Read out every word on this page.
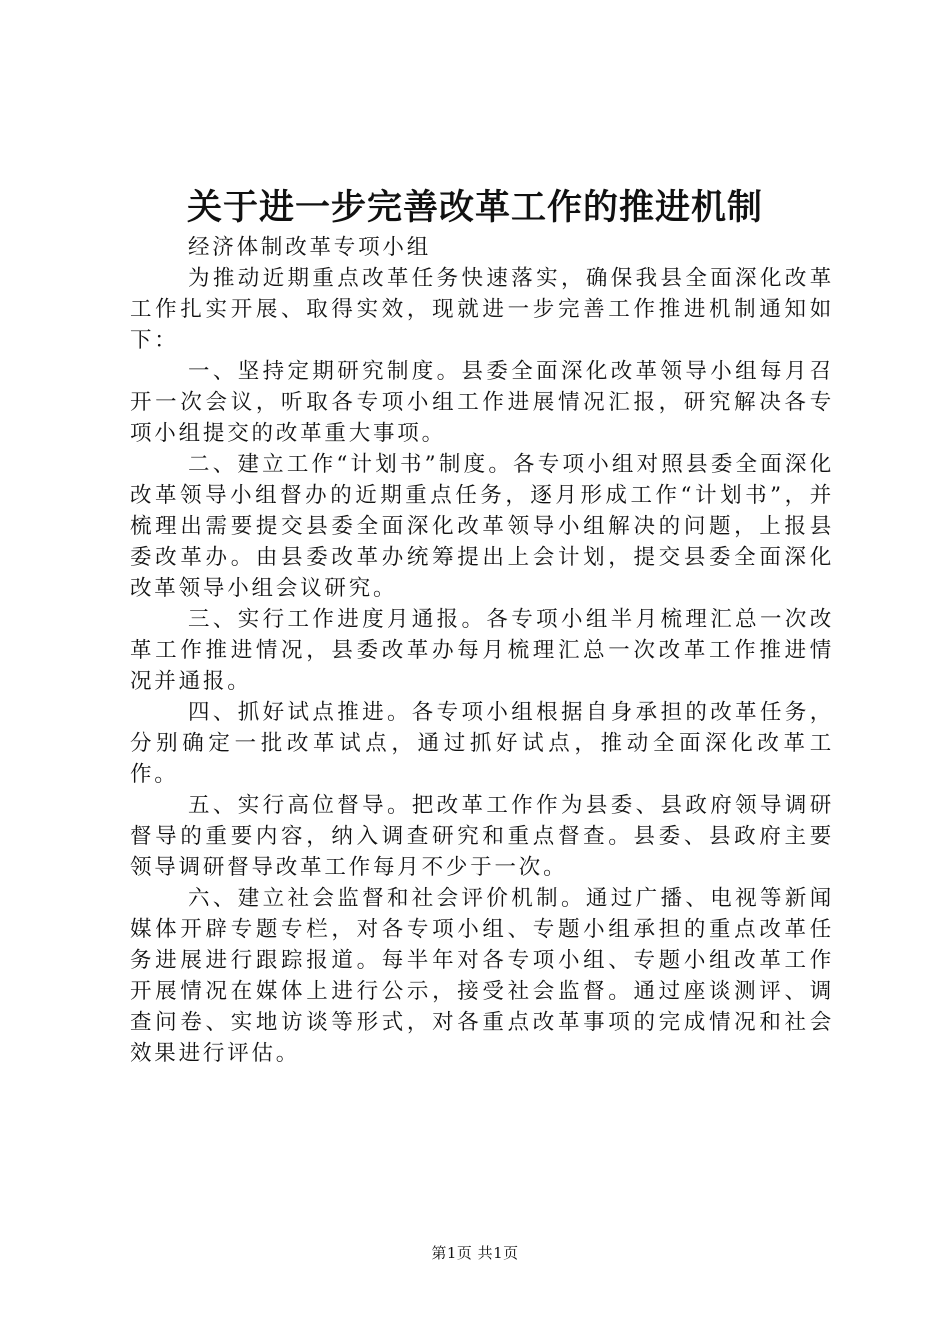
关于进一步完善改革工作的推进机制

经济体制改革专项小组

为推动近期重点改革任务快速落实，确保我县全面深化改革工作扎实开展、取得实效，现就进一步完善工作推进机制通知如下：

一、坚持定期研究制度。县委全面深化改革领导小组每月召开一次会议，听取各专项小组工作进展情况汇报，研究解决各专项小组提交的改革重大事项。

二、建立工作“计划书”制度。各专项小组对照县委全面深化改革领导小组督办的近期重点任务，逐月形成工作“计划书”，并梳理出需要提交县委全面深化改革领导小组解决的问题，上报县委改革办。由县委改革办统筹提出上会计划，提交县委全面深化改革领导小组会议研究。

三、实行工作进度月通报。各专项小组半月梳理汇总一次改革工作推进情况，县委改革办每月梳理汇总一次改革工作推进情况并通报。

四、抓好试点推进。各专项小组根据自身承担的改革任务，分别确定一批改革试点，通过抓好试点，推动全面深化改革工作。

五、实行高位督导。把改革工作作为县委、县政府领导调研督导的重要内容，纳入调查研究和重点督查。县委、县政府主要领导调研督导改革工作每月不少于一次。

六、建立社会监督和社会评价机制。通过广播、电视等新闻媒体开辟专题专栏，对各专项小组、专题小组承担的重点改革任务进展进行跟踪报道。每半年对各专项小组、专题小组改革工作开展情况在媒体上进行公示，接受社会监督。通过座谈测评、调查问卷、实地访谈等形式，对各重点改革事项的完成情况和社会效果进行评估。

第1页 共1页
